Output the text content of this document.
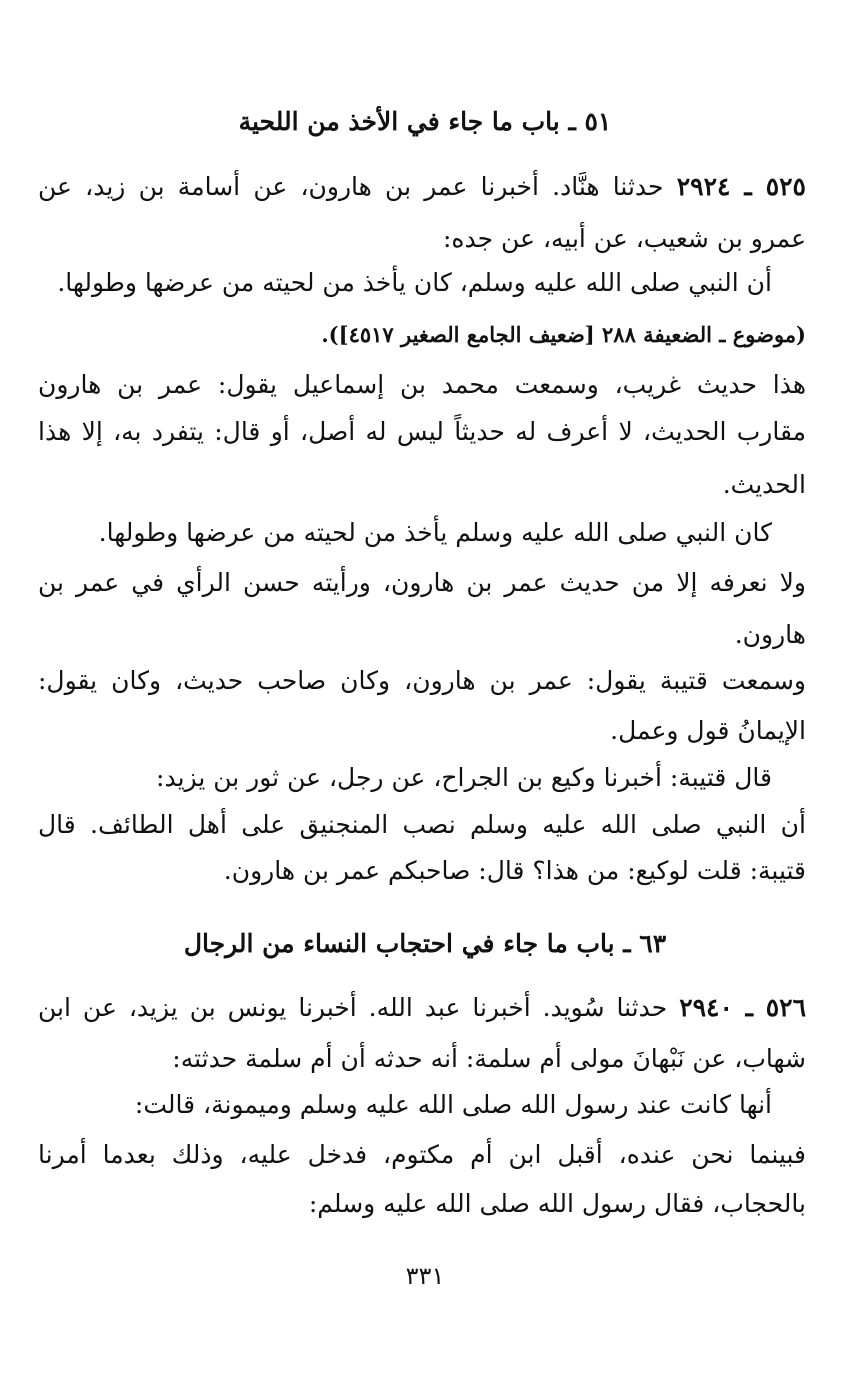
٥١ ـ باب ما جاء في الأخذ من اللحية
٥٢٥ ـ ٢٩٢٤ حدثنا هنَّاد. أخبرنا عمر بن هارون، عن أسامة بن زيد، عن
عمرو بن شعيب، عن أبيه، عن جده:
أن النبي صلى الله عليه وسلم، كان يأخذ من لحيته من عرضها وطولها.
(موضوع ـ الضعيفة ٢٨٨ [ضعيف الجامع الصغير ٤٥١٧]).
هذا حديث غريب، وسمعت محمد بن إسماعيل يقول: عمر بن هارون
مقارب الحديث، لا أعرف له حديثاً ليس له أصل، أو قال: يتفرد به، إلا هذا
الحديث.
كان النبي صلى الله عليه وسلم يأخذ من لحيته من عرضها وطولها.
ولا نعرفه إلا من حديث عمر بن هارون، ورأيته حسن الرأي في عمر بن
هارون.
وسمعت قتيبة يقول: عمر بن هارون، وكان صاحب حديث، وكان يقول:
الإيمانُ قول وعمل.
قال قتيبة: أخبرنا وكيع بن الجراح، عن رجل، عن ثور بن يزيد:
أن النبي صلى الله عليه وسلم نصب المنجنيق على أهل الطائف. قال
قتيبة: قلت لوكيع: من هذا؟ قال: صاحبكم عمر بن هارون.
٦٣ ـ باب ما جاء في احتجاب النساء من الرجال
٥٢٦ ـ ٢٩٤٠ حدثنا سُويد. أخبرنا عبد الله. أخبرنا يونس بن يزيد، عن ابن
شهاب، عن نَبْهانَ مولى أم سلمة: أنه حدثه أن أم سلمة حدثته:
أنها كانت عند رسول الله صلى الله عليه وسلم وميمونة، قالت:
فبينما نحن عنده، أقبل ابن أم مكتوم، فدخل عليه، وذلك بعدما أمرنا
بالحجاب، فقال رسول الله صلى الله عليه وسلم:
٣٣١
